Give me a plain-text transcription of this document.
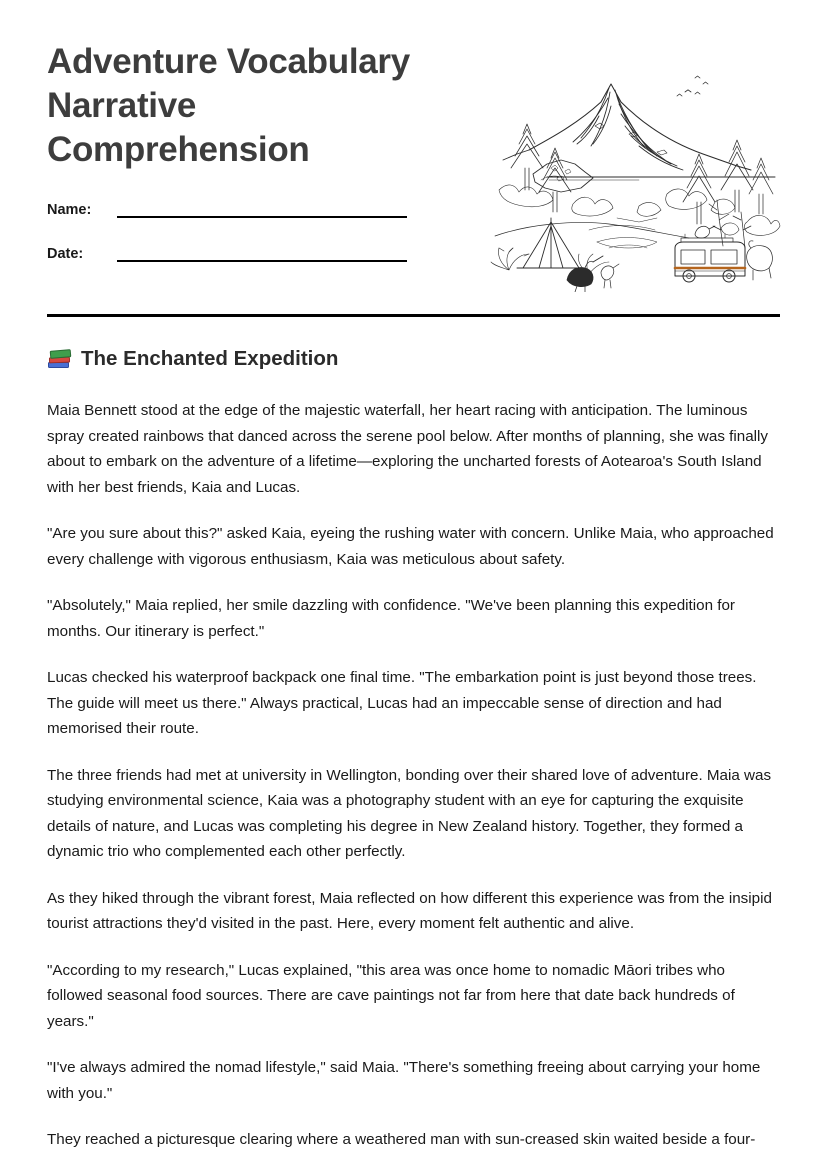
Adventure Vocabulary Narrative Comprehension
Name:
Date:
The Enchanted Expedition

Maia Bennett stood at the edge of the majestic waterfall, her heart racing with anticipation. The luminous spray created rainbows that danced across the serene pool below. After months of planning, she was finally about to embark on the adventure of a lifetime—exploring the uncharted forests of Aotearoa's South Island with her best friends, Kaia and Lucas.

"Are you sure about this?" asked Kaia, eyeing the rushing water with concern. Unlike Maia, who approached every challenge with vigorous enthusiasm, Kaia was meticulous about safety.

"Absolutely," Maia replied, her smile dazzling with confidence. "We've been planning this expedition for months. Our itinerary is perfect."

Lucas checked his waterproof backpack one final time. "The embarkation point is just beyond those trees. The guide will meet us there." Always practical, Lucas had an impeccable sense of direction and had memorised their route.

The three friends had met at university in Wellington, bonding over their shared love of adventure. Maia was studying environmental science, Kaia was a photography student with an eye for capturing the exquisite details of nature, and Lucas was completing his degree in New Zealand history. Together, they formed a dynamic trio who complemented each other perfectly.

As they hiked through the vibrant forest, Maia reflected on how different this experience was from the insipid tourist attractions they'd visited in the past. Here, every moment felt authentic and alive.

"According to my research," Lucas explained, "this area was once home to nomadic Māori tribes who followed seasonal food sources. There are cave paintings not far from here that date back hundreds of years."

"I've always admired the nomad lifestyle," said Maia. "There's something freeing about carrying your home with you."

They reached a picturesque clearing where a weathered man with sun-creased skin waited beside a four-
